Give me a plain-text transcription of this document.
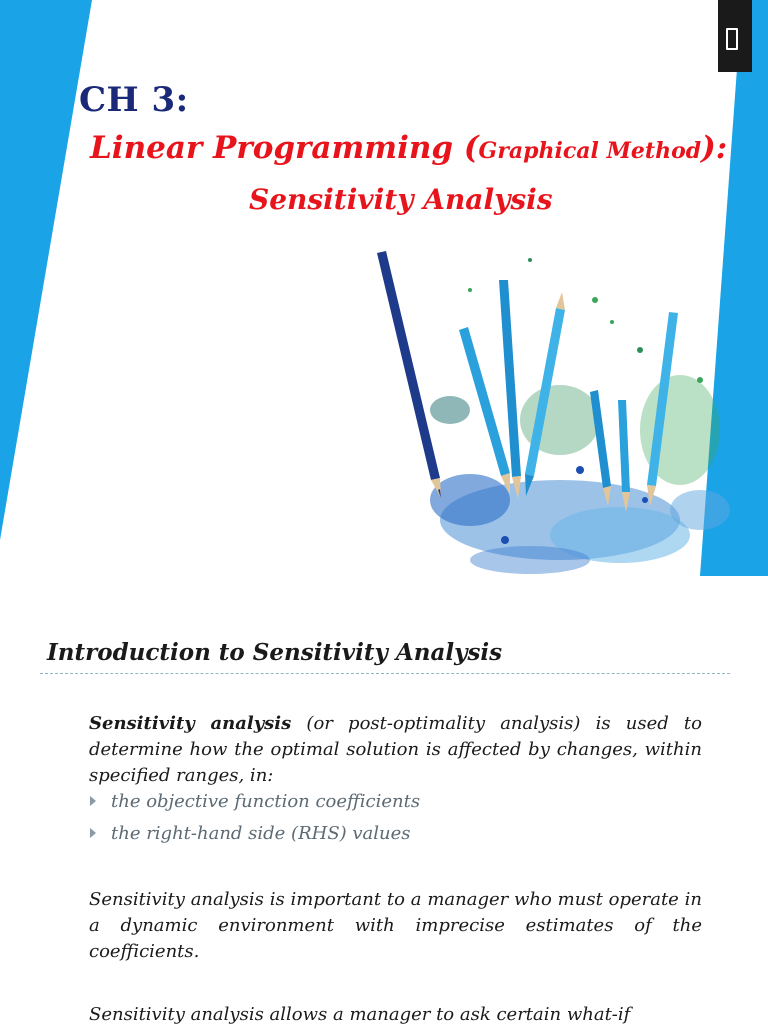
CH 3:
Linear Programming (Graphical Method):
Sensitivity Analysis
Introduction to Sensitivity Analysis

Sensitivity analysis (or post-optimality analysis) is used to determine how the optimal solution is affected by changes, within specified ranges, in:

the objective function coefficients
the right-hand side (RHS) values

Sensitivity analysis is important to a manager who must operate in a dynamic environment with imprecise estimates of the coefficients.

Sensitivity analysis allows a manager to ask certain what-if
